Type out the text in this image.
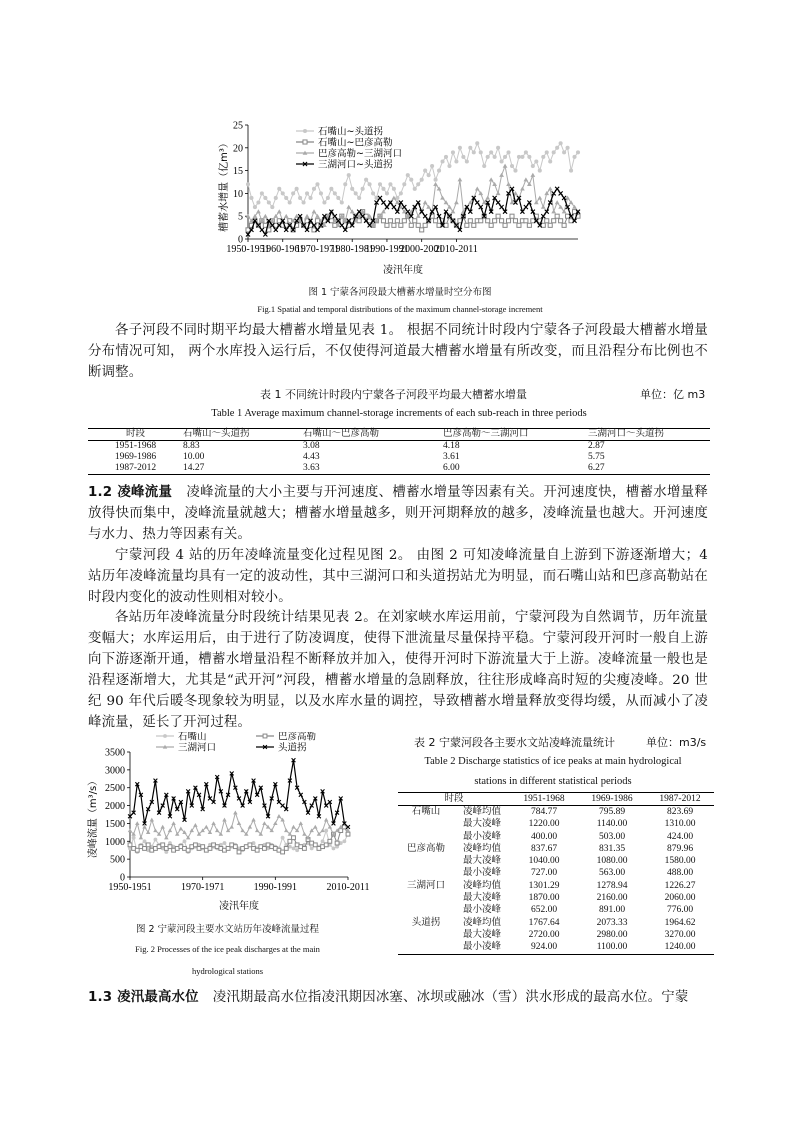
0
5
10
15
20
25
1950-1951
1960-1961
1970-1971
1980-1981
1990-1991
2000-2001
2010-2011
石嘴山~头道拐
石嘴山~巴彦高勒
巴彦高勒~三湖河口
三湖河口~头道拐
槽蓄水增量（亿m³）
凌汛年度
图 1 宁蒙各河段最大槽蓄水增量时空分布图
Fig.1 Spatial and temporal distributions of the maximum channel-storage increment

各子河段不同时期平均最大槽蓄水增量见表 1。 根据不同统计时段内宁蒙各子河段最大槽蓄水增量分布情况可知， 两个水库投入运行后，不仅使得河道最大槽蓄水增量有所改变，而且沿程分布比例也不断调整。

表 1 不同统计时段内宁蒙各子河段平均最大槽蓄水增量	单位：亿 m3
Table 1 Average maximum channel-storage increments of each sub-reach in three periods
时段	石嘴山～头道拐	石嘴山～巴彦高勒	巴彦高勒～三湖河口	三湖河口～头道拐
1951-1968	8.83	3.08	4.18	2.87
1969-1986	10.00	4.43	3.61	5.75
1987-2012	14.27	3.63	6.00	6.27

1.2 凌峰流量 凌峰流量的大小主要与开河速度、槽蓄水增量等因素有关。开河速度快，槽蓄水增量释放得快而集中，凌峰流量就越大；槽蓄水增量越多，则开河期释放的越多，凌峰流量也越大。开河速度与水力、热力等因素有关。

宁蒙河段 4 站的历年凌峰流量变化过程见图 2。 由图 2 可知凌峰流量自上游到下游逐渐增大；4 站历年凌峰流量均具有一定的波动性，其中三湖河口和头道拐站尤为明显，而石嘴山站和巴彦高勒站在时段内变化的波动性则相对较小。

各站历年凌峰流量分时段统计结果见表 2。在刘家峡水库运用前，宁蒙河段为自然调节，历年流量变幅大；水库运用后，由于进行了防凌调度，使得下泄流量尽量保持平稳。宁蒙河段开河时一般自上游向下游逐渐开通，槽蓄水增量沿程不断释放并加入，使得开河时下游流量大于上游。凌峰流量一般也是沿程逐渐增大，尤其是“武开河”河段，槽蓄水增量的急剧释放，往往形成峰高时短的尖瘦凌峰。20 世纪 90 年代后暖冬现象较为明显，以及水库水量的调控，导致槽蓄水增量释放变得均缓，从而减小了凌峰流量，延长了开河过程。

0
500
1000
1500
2000
2500
3000
3500
1950-1951	1970-1971	1990-1991	2010-2011
石嘴山	巴彦高勒
三湖河口	头道拐
凌峰流量（m³/s）
凌汛年度
图 2 宁蒙河段主要水文站历年凌峰流量过程
Fig. 2 Processes of the ice peak discharges at the main
hydrological stations
表 2 宁蒙河段各主要水文站凌峰流量统计	单位：m3/s
Table 2 Discharge statistics of ice peaks at main hydrological
stations in different statistical periods
时段		1951-1968	1969-1986	1987-2012
石嘴山	凌峰均值	784.77	795.89	823.69
	最大凌峰	1220.00	1140.00	1310.00
	最小凌峰	400.00	503.00	424.00
巴彦高勒	凌峰均值	837.67	831.35	879.96
	最大凌峰	1040.00	1080.00	1580.00
	最小凌峰	727.00	563.00	488.00
三湖河口	凌峰均值	1301.29	1278.94	1226.27
	最大凌峰	1870.00	2160.00	2060.00
	最小凌峰	652.00	891.00	776.00
头道拐	凌峰均值	1767.64	2073.33	1964.62
	最大凌峰	2720.00	2980.00	3270.00
	最小凌峰	924.00	1100.00	1240.00

1.3 凌汛最高水位 凌汛期最高水位指凌汛期因冰塞、冰坝或融冰（雪）洪水形成的最高水位。宁蒙
